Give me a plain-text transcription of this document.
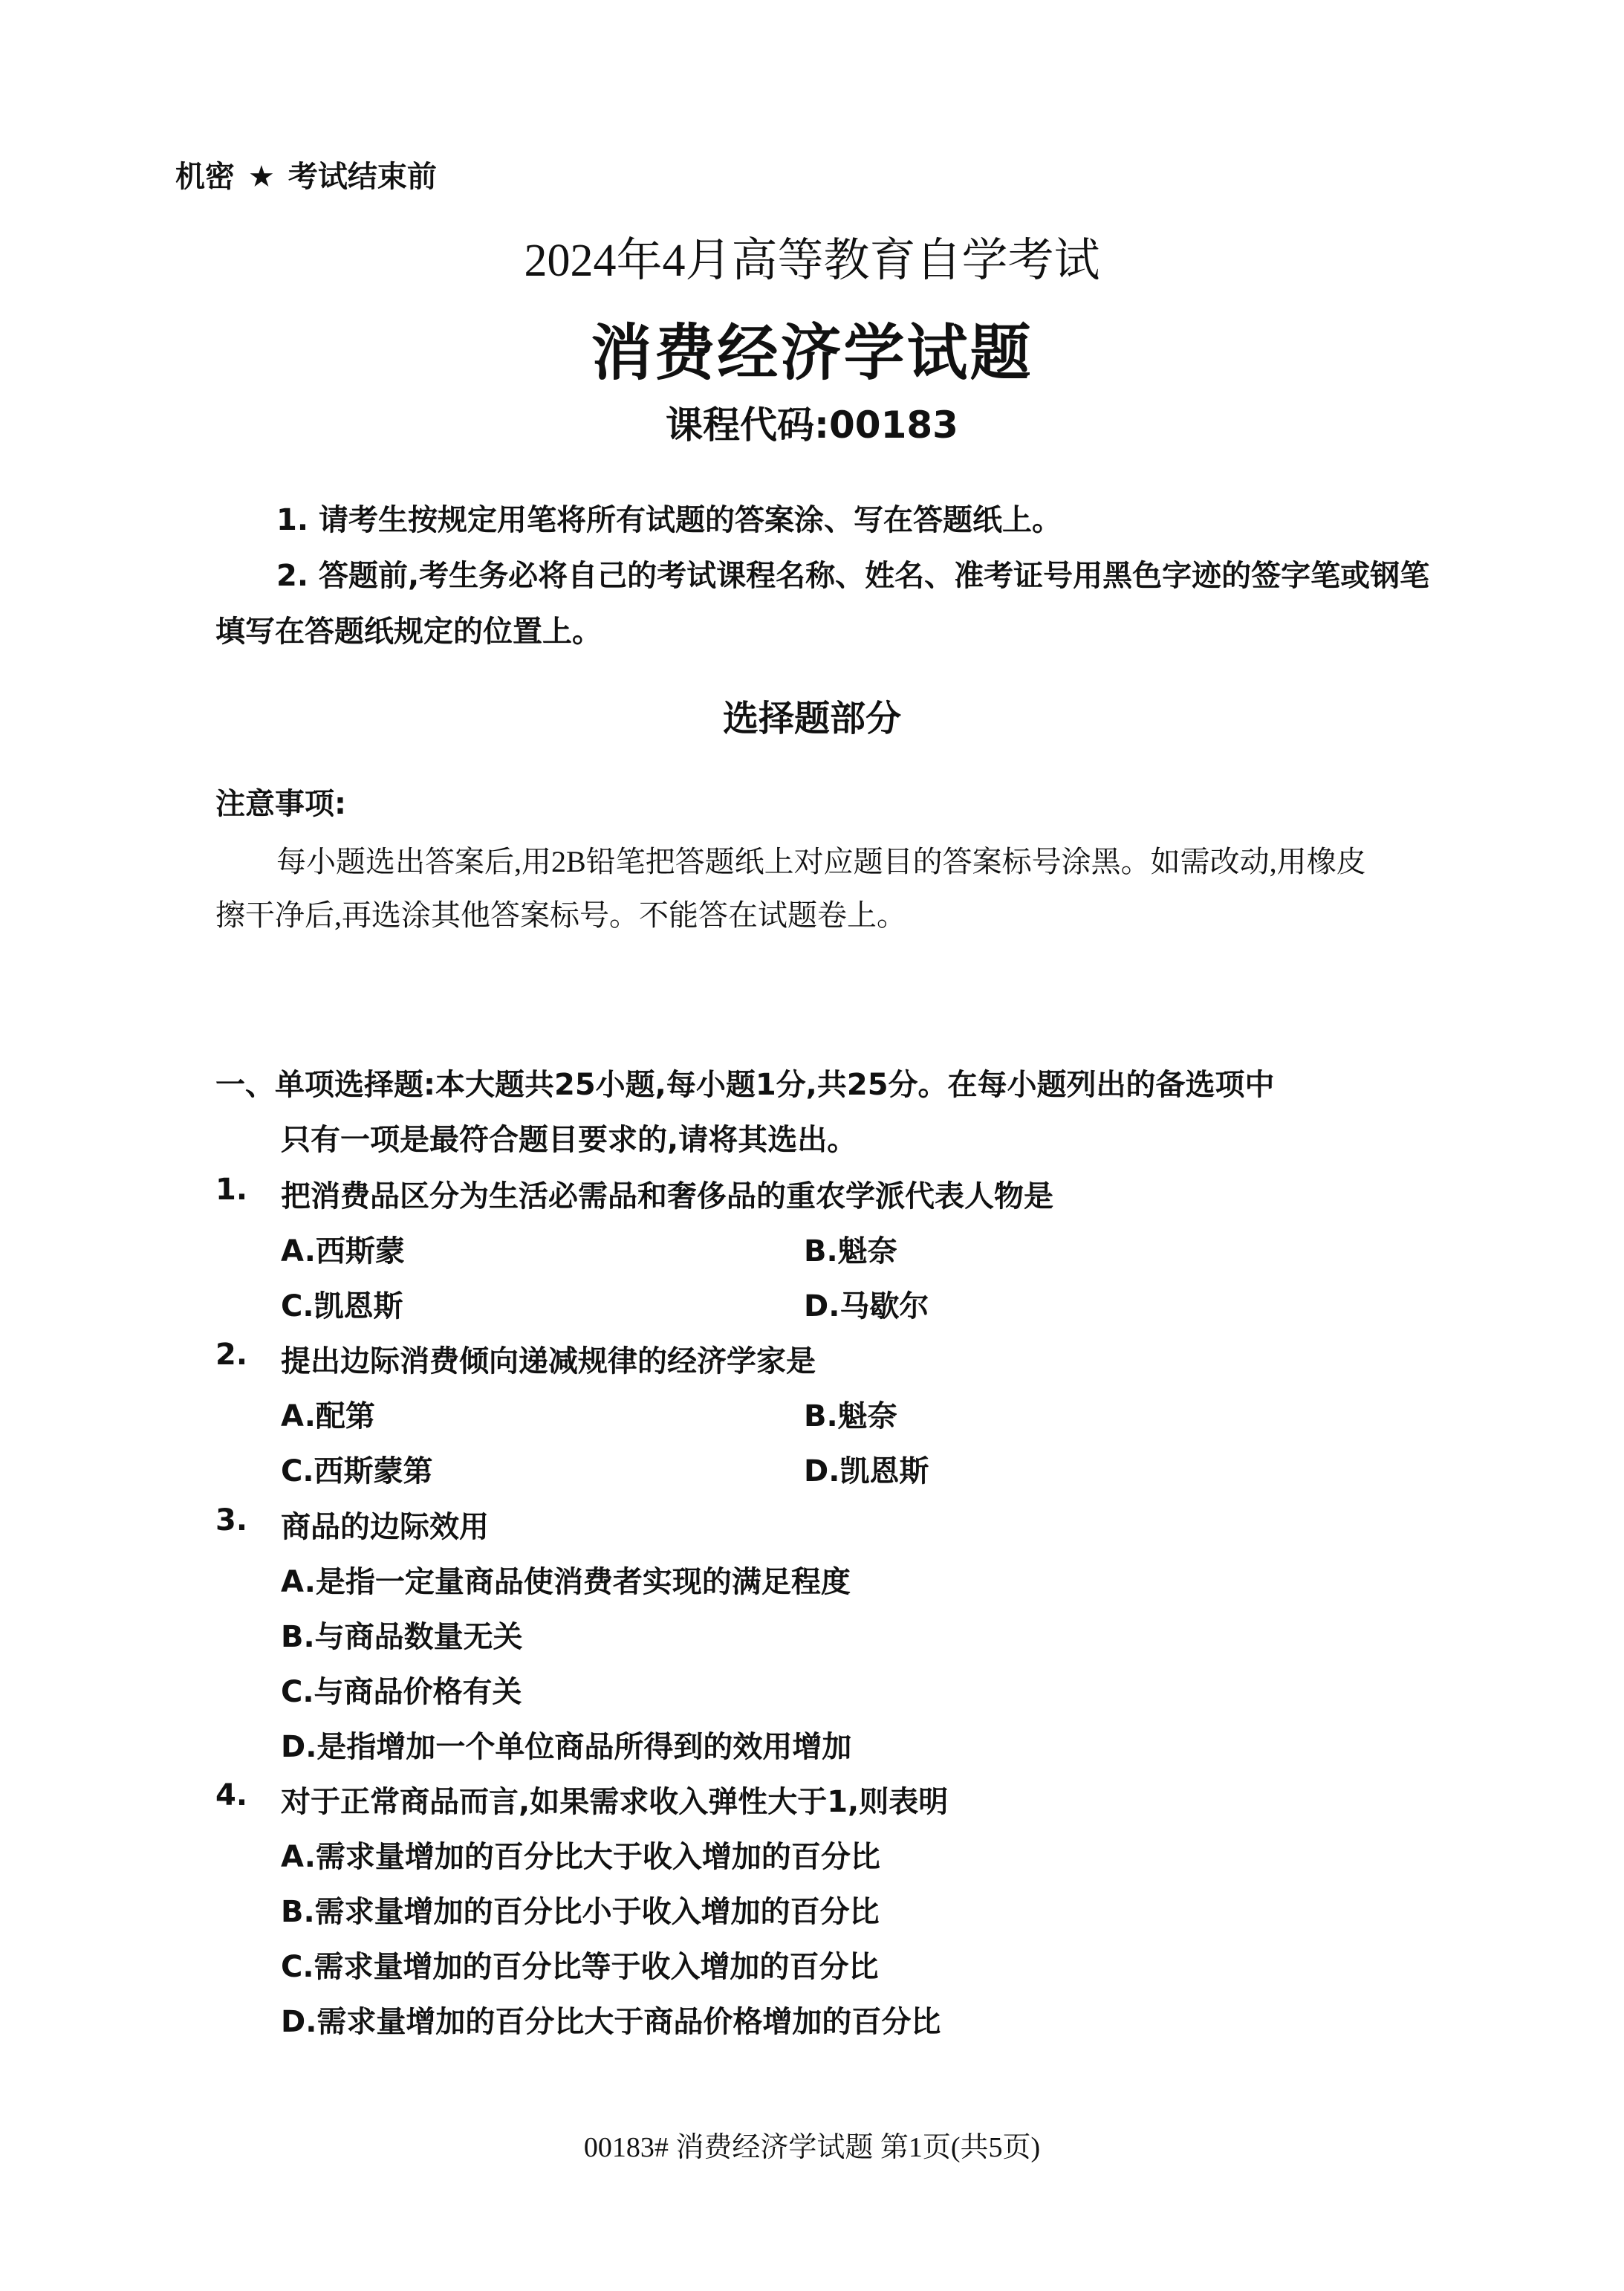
机密 ★ 考试结束前
2024年4月高等教育自学考试
消费经济学试题
课程代码:00183
1. 请考生按规定用笔将所有试题的答案涂、写在答题纸上。
2. 答题前,考生务必将自己的考试课程名称、姓名、准考证号用黑色字迹的签字笔或钢笔
填写在答题纸规定的位置上。
选择题部分
注意事项:
每小题选出答案后,用2B铅笔把答题纸上对应题目的答案标号涂黑。如需改动,用橡皮
擦干净后,再选涂其他答案标号。不能答在试题卷上。
一、单项选择题:本大题共25小题,每小题1分,共25分。在每小题列出的备选项中
只有一项是最符合题目要求的,请将其选出。
1. 把消费品区分为生活必需品和奢侈品的重农学派代表人物是
A.西斯蒙	B.魁奈
C.凯恩斯	D.马歇尔
2. 提出边际消费倾向递减规律的经济学家是
A.配第	B.魁奈
C.西斯蒙第	D.凯恩斯
3. 商品的边际效用
A.是指一定量商品使消费者实现的满足程度
B.与商品数量无关
C.与商品价格有关
D.是指增加一个单位商品所得到的效用增加
4. 对于正常商品而言,如果需求收入弹性大于1,则表明
A.需求量增加的百分比大于收入增加的百分比
B.需求量增加的百分比小于收入增加的百分比
C.需求量增加的百分比等于收入增加的百分比
D.需求量增加的百分比大于商品价格增加的百分比
00183# 消费经济学试题 第1页(共5页)
